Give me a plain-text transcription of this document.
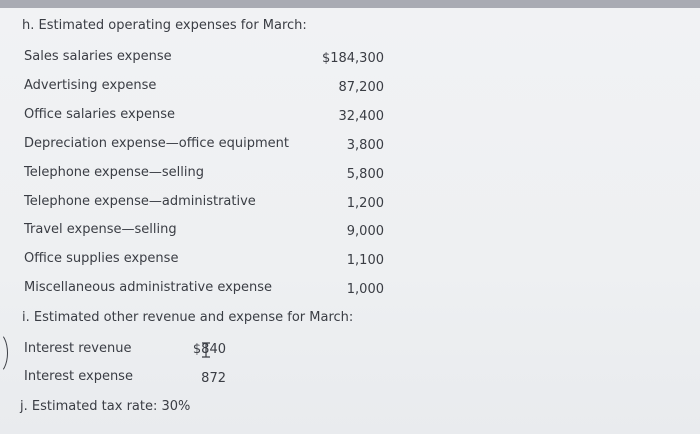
h. Estimated operating expenses for March:
Sales salaries expense	$184,300
Advertising expense	87,200
Office salaries expense	32,400
Depreciation expense—office equipment	3,800
Telephone expense—selling	5,800
Telephone expense—administrative	1,200
Travel expense—selling	9,000
Office supplies expense	1,100
Miscellaneous administrative expense	1,000
i. Estimated other revenue and expense for March:
Interest revenue	$840
Interest expense	872
j. Estimated tax rate: 30%
